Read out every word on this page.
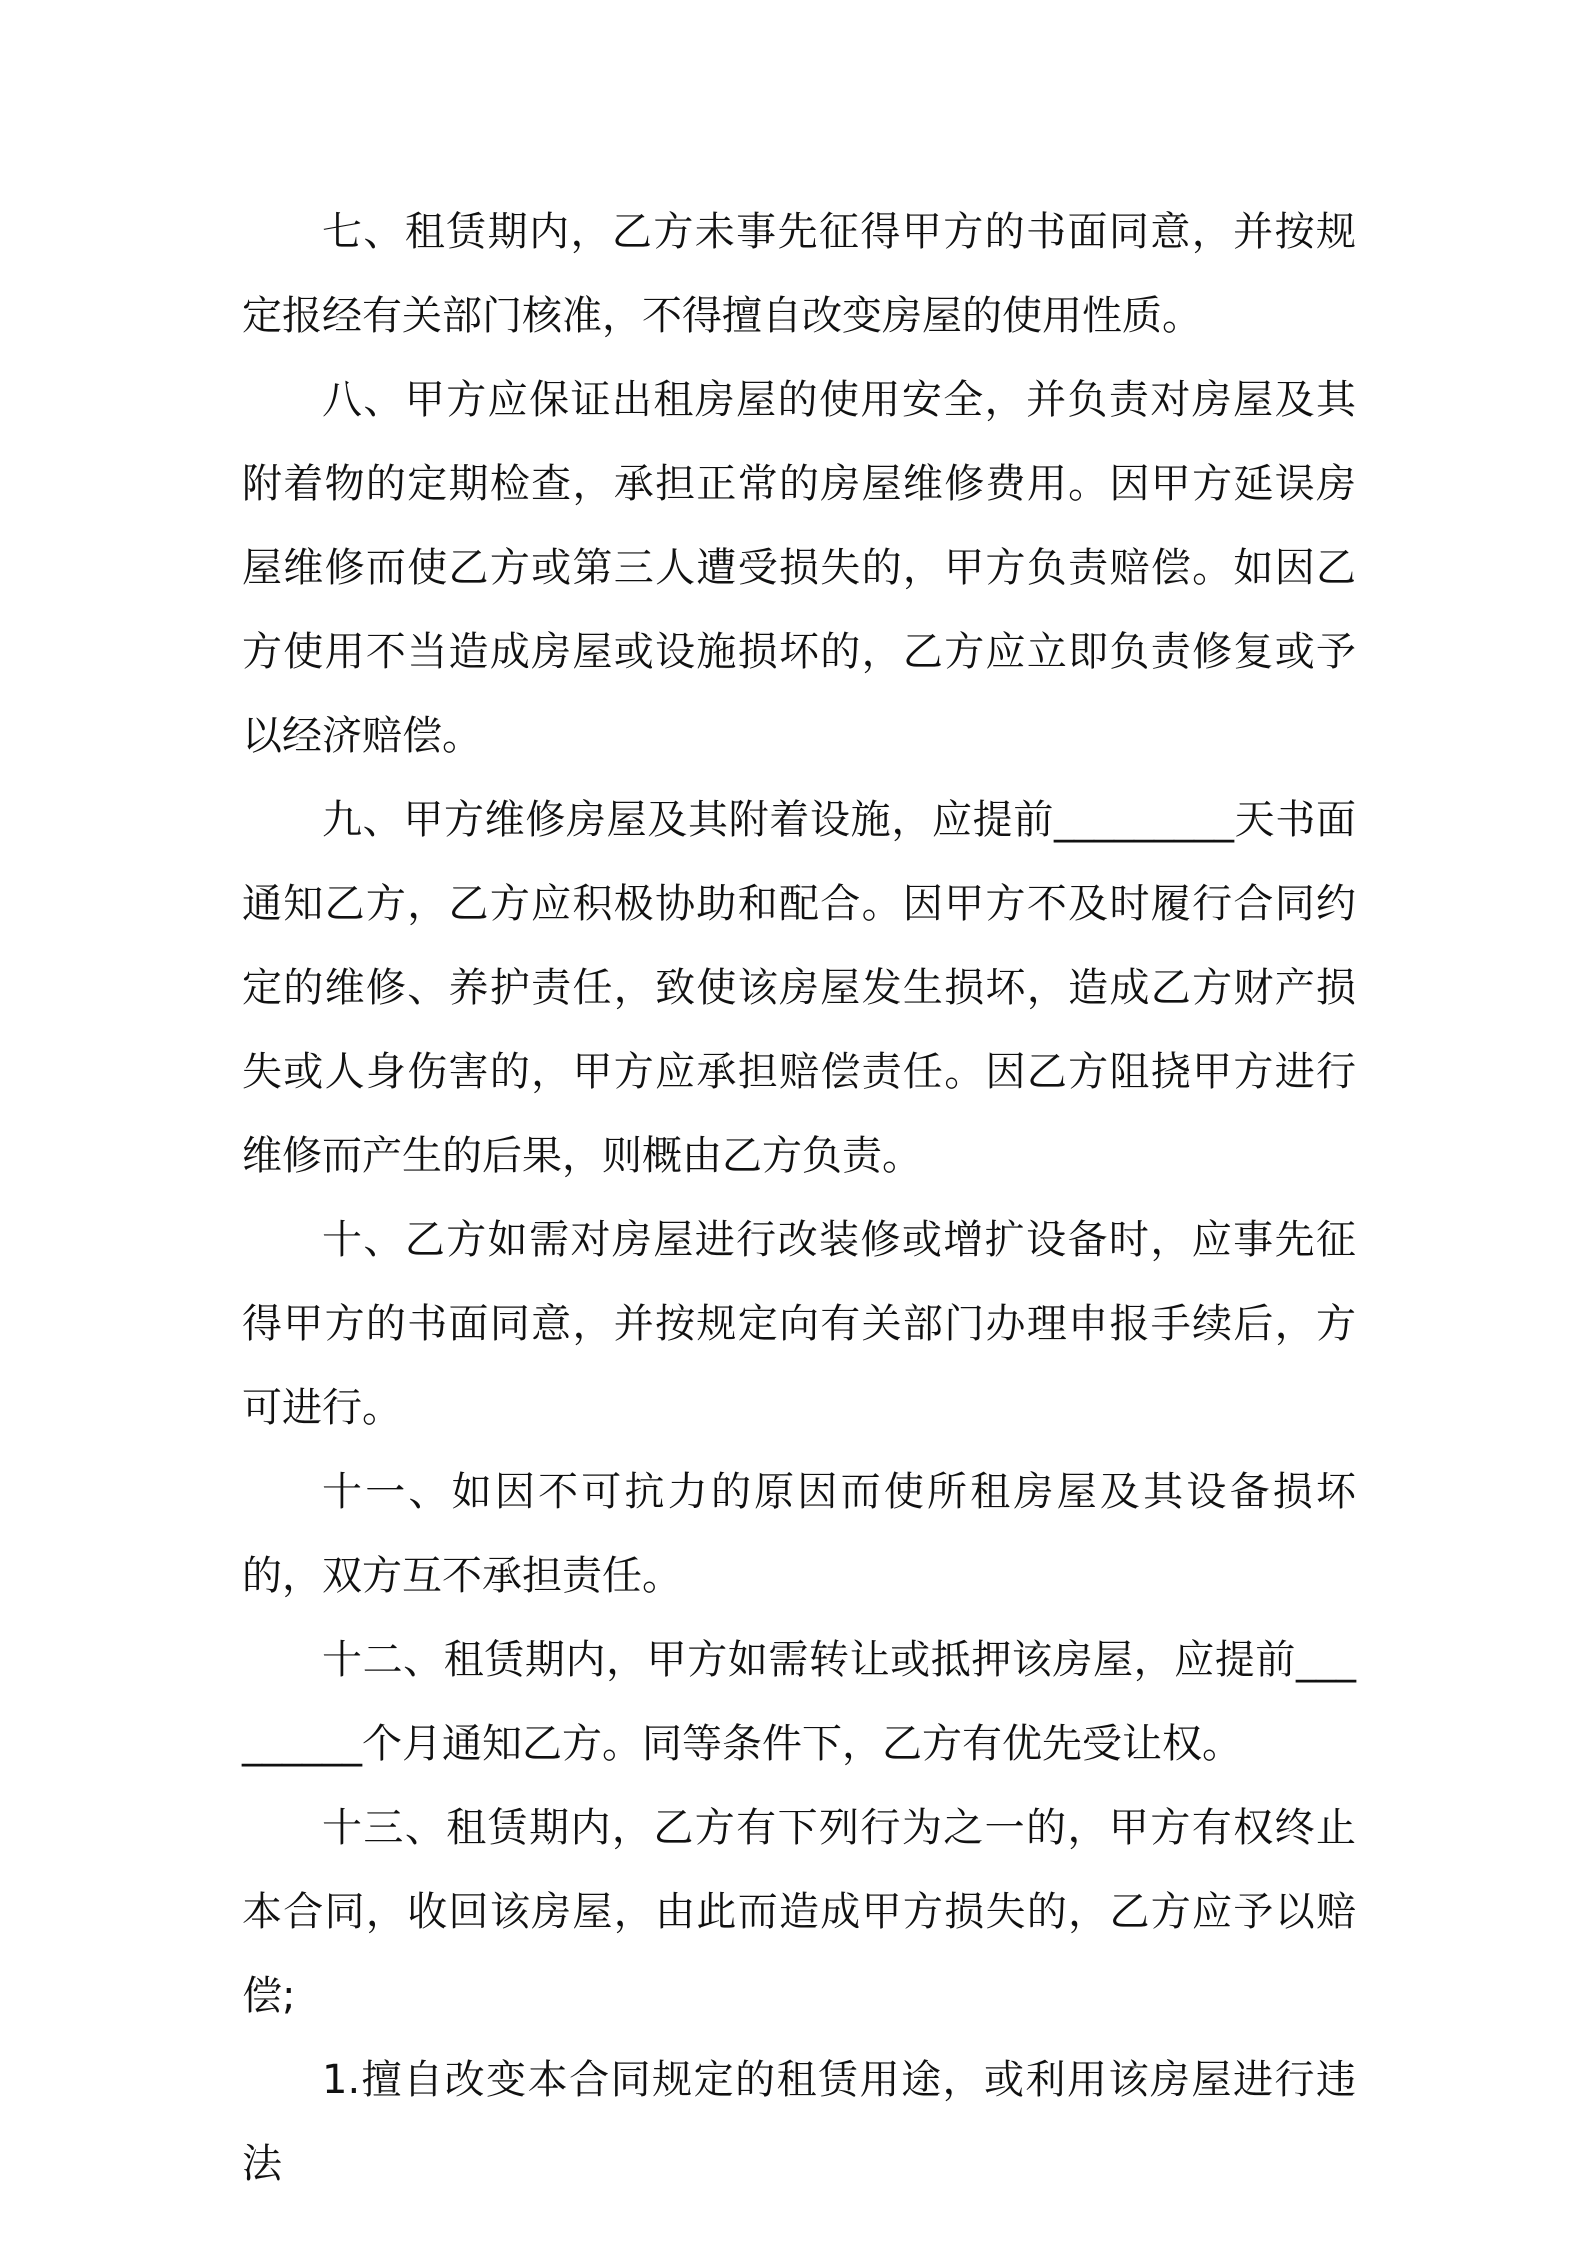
七、租赁期内，乙方未事先征得甲方的书面同意，并按规定报经有关部门核准，不得擅自改变房屋的使用性质。

八、甲方应保证出租房屋的使用安全，并负责对房屋及其附着物的定期检查，承担正常的房屋维修费用。因甲方延误房屋维修而使乙方或第三人遭受损失的，甲方负责赔偿。如因乙方使用不当造成房屋或设施损坏的，乙方应立即负责修复或予以经济赔偿。

九、甲方维修房屋及其附着设施，应提前_________天书面通知乙方，乙方应积极协助和配合。因甲方不及时履行合同约定的维修、养护责任，致使该房屋发生损坏，造成乙方财产损失或人身伤害的，甲方应承担赔偿责任。因乙方阻挠甲方进行维修而产生的后果，则概由乙方负责。

十、乙方如需对房屋进行改装修或增扩设备时，应事先征得甲方的书面同意，并按规定向有关部门办理申报手续后，方可进行。

十一、如因不可抗力的原因而使所租房屋及其设备损坏的，双方互不承担责任。

十二、租赁期内，甲方如需转让或抵押该房屋，应提前_________个月通知乙方。同等条件下，乙方有优先受让权。

十三、租赁期内，乙方有下列行为之一的，甲方有权终止本合同，收回该房屋，由此而造成甲方损失的，乙方应予以赔偿;

1.擅自改变本合同规定的租赁用途，或利用该房屋进行违法
